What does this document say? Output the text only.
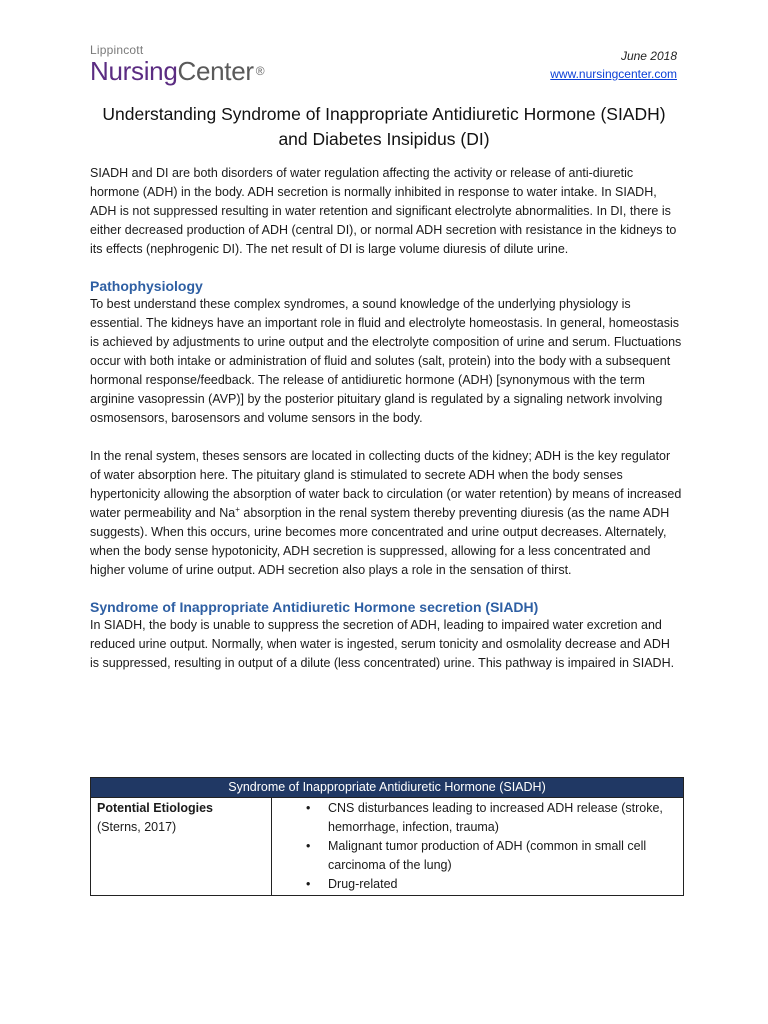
Lippincott
NursingCenter ®
June 2018
www.nursingcenter.com
Understanding Syndrome of Inappropriate Antidiuretic Hormone (SIADH)
and Diabetes Insipidus (DI)

SIADH and DI are both disorders of water regulation affecting the activity or release of anti-diuretic hormone (ADH) in the body. ADH secretion is normally inhibited in response to water intake. In SIADH, ADH is not suppressed resulting in water retention and significant electrolyte abnormalities. In DI, there is either decreased production of ADH (central DI), or normal ADH secretion with resistance in the kidneys to its effects (nephrogenic DI). The net result of DI is large volume diuresis of dilute urine.

Pathophysiology

To best understand these complex syndromes, a sound knowledge of the underlying physiology is essential. The kidneys have an important role in fluid and electrolyte homeostasis. In general, homeostasis is achieved by adjustments to urine output and the electrolyte composition of urine and serum. Fluctuations occur with both intake or administration of fluid and solutes (salt, protein) into the body with a subsequent hormonal response/feedback. The release of antidiuretic hormone (ADH) [synonymous with the term arginine vasopressin (AVP)] by the posterior pituitary gland is regulated by a signaling network involving osmosensors, barosensors and volume sensors in the body.

In the renal system, theses sensors are located in collecting ducts of the kidney; ADH is the key regulator of water absorption here. The pituitary gland is stimulated to secrete ADH when the body senses hypertonicity allowing the absorption of water back to circulation (or water retention) by means of increased water permeability and Na+ absorption in the renal system thereby preventing diuresis (as the name ADH suggests). When this occurs, urine becomes more concentrated and urine output decreases. Alternately, when the body sense hypotonicity, ADH secretion is suppressed, allowing for a less concentrated and higher volume of urine output. ADH secretion also plays a role in the sensation of thirst.

Syndrome of Inappropriate Antidiuretic Hormone secretion (SIADH)

In SIADH, the body is unable to suppress the secretion of ADH, leading to impaired water excretion and reduced urine output. Normally, when water is ingested, serum tonicity and osmolality decrease and ADH is suppressed, resulting in output of a dilute (less concentrated) urine. This pathway is impaired in SIADH.

Syndrome of Inappropriate Antidiuretic Hormone (SIADH)

Potential Etiologies
(Sterns, 2017)

• CNS disturbances leading to increased ADH release (stroke, hemorrhage, infection, trauma)
• Malignant tumor production of ADH (common in small cell carcinoma of the lung)
• Drug-related
